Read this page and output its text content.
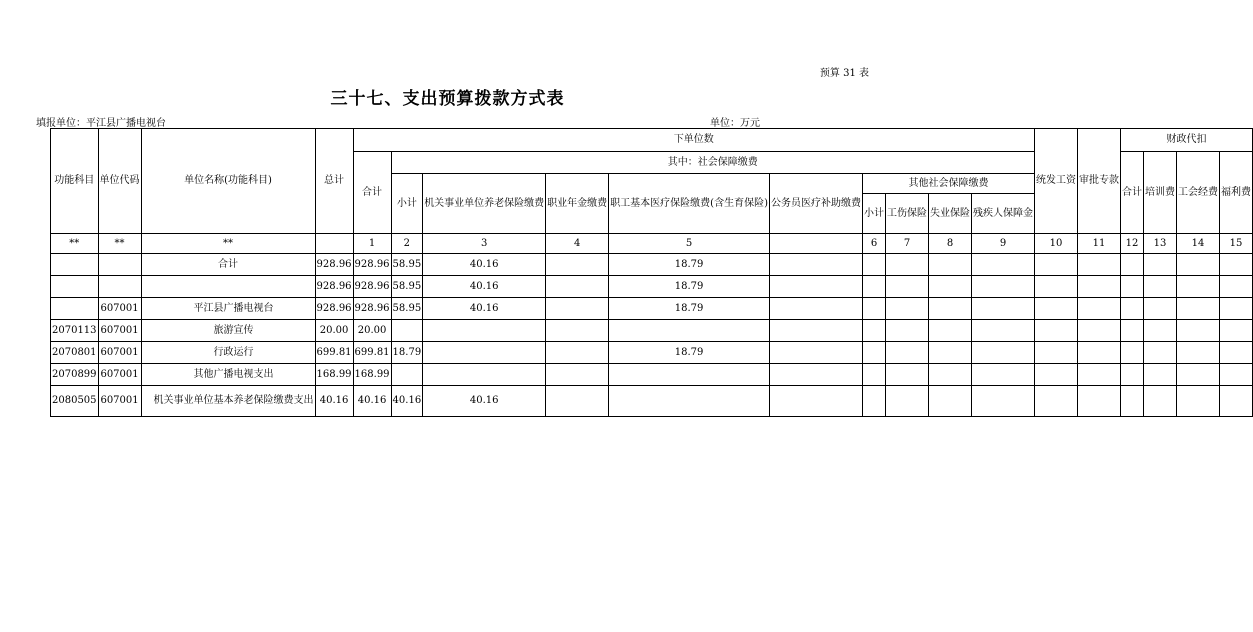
预算 31 表
三十七、支出预算拨款方式表
填报单位：平江县广播电视台	单位：万元
功能科目	单位代码	单位名称(功能科目)	总计	下单位数										统发工资	审批专款	财政代扣			
				合计	其中：社会保障缴费											合计	培训费	工会经费	福利费
					小计	机关事业单位养老保险缴费	职业年金缴费	职工基本医疗保险缴费(含生育保险)	公务员医疗补助缴费	其他社会保障缴费									
										小计	工伤保险	失业保险	残疾人保障金						
**	**	**		1	2	3	4	5		6	7	8	9	10	11	12	13	14	15
		合计	928.96	928.96	58.95	40.16		18.79											
			928.96	928.96	58.95	40.16		18.79											
	607001	平江县广播电视台	928.96	928.96	58.95	40.16		18.79											
2070113	607001	旅游宣传	20.00	20.00															
2070801	607001	行政运行	699.81	699.81	18.79			18.79											
2070899	607001	其他广播电视支出	168.99	168.99															
2080505	607001	机关事业单位基本养老保险缴费支出	40.16	40.16	40.16	40.16													
